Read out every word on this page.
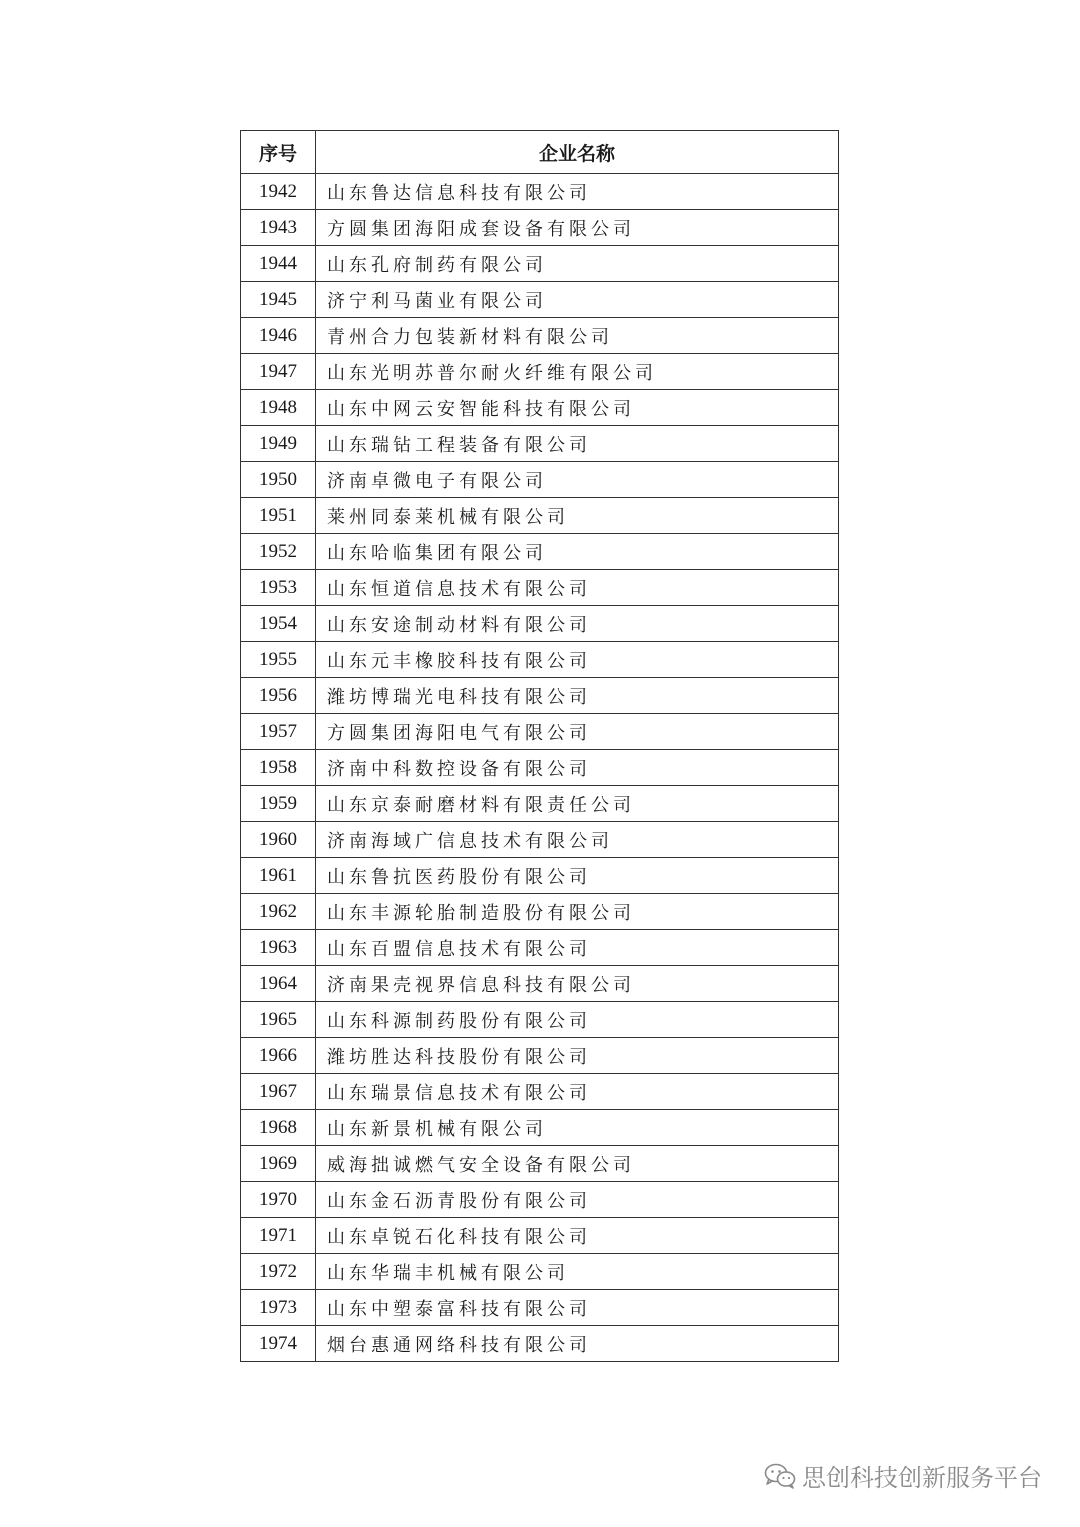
序号	企业名称
1942	山东鲁达信息科技有限公司
1943	方圆集团海阳成套设备有限公司
1944	山东孔府制药有限公司
1945	济宁利马菌业有限公司
1946	青州合力包装新材料有限公司
1947	山东光明苏普尔耐火纤维有限公司
1948	山东中网云安智能科技有限公司
1949	山东瑞钻工程装备有限公司
1950	济南卓微电子有限公司
1951	莱州同泰莱机械有限公司
1952	山东哈临集团有限公司
1953	山东恒道信息技术有限公司
1954	山东安途制动材料有限公司
1955	山东元丰橡胶科技有限公司
1956	潍坊博瑞光电科技有限公司
1957	方圆集团海阳电气有限公司
1958	济南中科数控设备有限公司
1959	山东京泰耐磨材料有限责任公司
1960	济南海域广信息技术有限公司
1961	山东鲁抗医药股份有限公司
1962	山东丰源轮胎制造股份有限公司
1963	山东百盟信息技术有限公司
1964	济南果壳视界信息科技有限公司
1965	山东科源制药股份有限公司
1966	潍坊胜达科技股份有限公司
1967	山东瑞景信息技术有限公司
1968	山东新景机械有限公司
1969	威海拙诚燃气安全设备有限公司
1970	山东金石沥青股份有限公司
1971	山东卓锐石化科技有限公司
1972	山东华瑞丰机械有限公司
1973	山东中塑泰富科技有限公司
1974	烟台惠通网络科技有限公司
思创科技创新服务平台
